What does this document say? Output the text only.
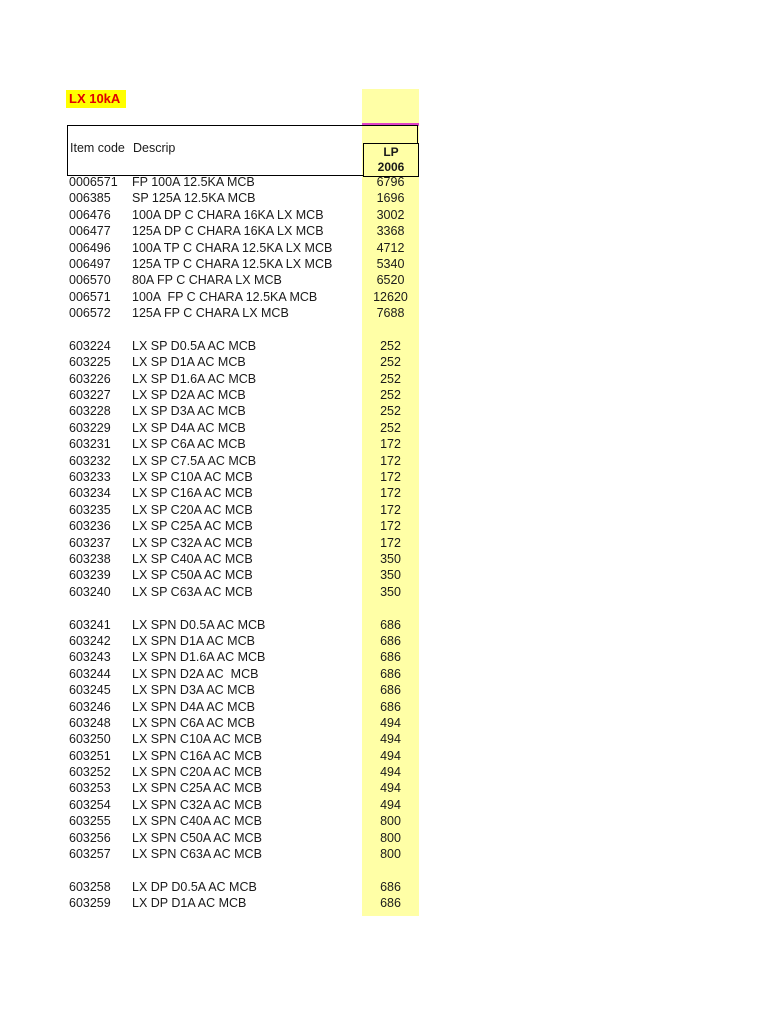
LX 10kA
Item code Descrip	LP
2006
0006571 FP 100A 12.5KA MCB	6796
006385 SP 125A 12.5KA MCB	1696
006476 100A DP C CHARA 16KA LX MCB	3002
006477 125A DP C CHARA 16KA LX MCB	3368
006496 100A TP C CHARA 12.5KA LX MCB	4712
006497 125A TP C CHARA 12.5KA LX MCB	5340
006570 80A FP C CHARA LX MCB	6520
006571 100A  FP C CHARA 12.5KA MCB	12620
006572 125A FP C CHARA LX MCB	7688
603224 LX SP D0.5A AC MCB	252
603225 LX SP D1A AC MCB	252
603226 LX SP D1.6A AC MCB	252
603227 LX SP D2A AC MCB	252
603228 LX SP D3A AC MCB	252
603229 LX SP D4A AC MCB	252
603231 LX SP C6A AC MCB	172
603232 LX SP C7.5A AC MCB	172
603233 LX SP C10A AC MCB	172
603234 LX SP C16A AC MCB	172
603235 LX SP C20A AC MCB	172
603236 LX SP C25A AC MCB	172
603237 LX SP C32A AC MCB	172
603238 LX SP C40A AC MCB	350
603239 LX SP C50A AC MCB	350
603240 LX SP C63A AC MCB	350
603241 LX SPN D0.5A AC MCB	686
603242 LX SPN D1A AC MCB	686
603243 LX SPN D1.6A AC MCB	686
603244 LX SPN D2A AC  MCB	686
603245 LX SPN D3A AC MCB	686
603246 LX SPN D4A AC MCB	686
603248 LX SPN C6A AC MCB	494
603250 LX SPN C10A AC MCB	494
603251 LX SPN C16A AC MCB	494
603252 LX SPN C20A AC MCB	494
603253 LX SPN C25A AC MCB	494
603254 LX SPN C32A AC MCB	494
603255 LX SPN C40A AC MCB	800
603256 LX SPN C50A AC MCB	800
603257 LX SPN C63A AC MCB	800
603258 LX DP D0.5A AC MCB	686
603259 LX DP D1A AC MCB	686
